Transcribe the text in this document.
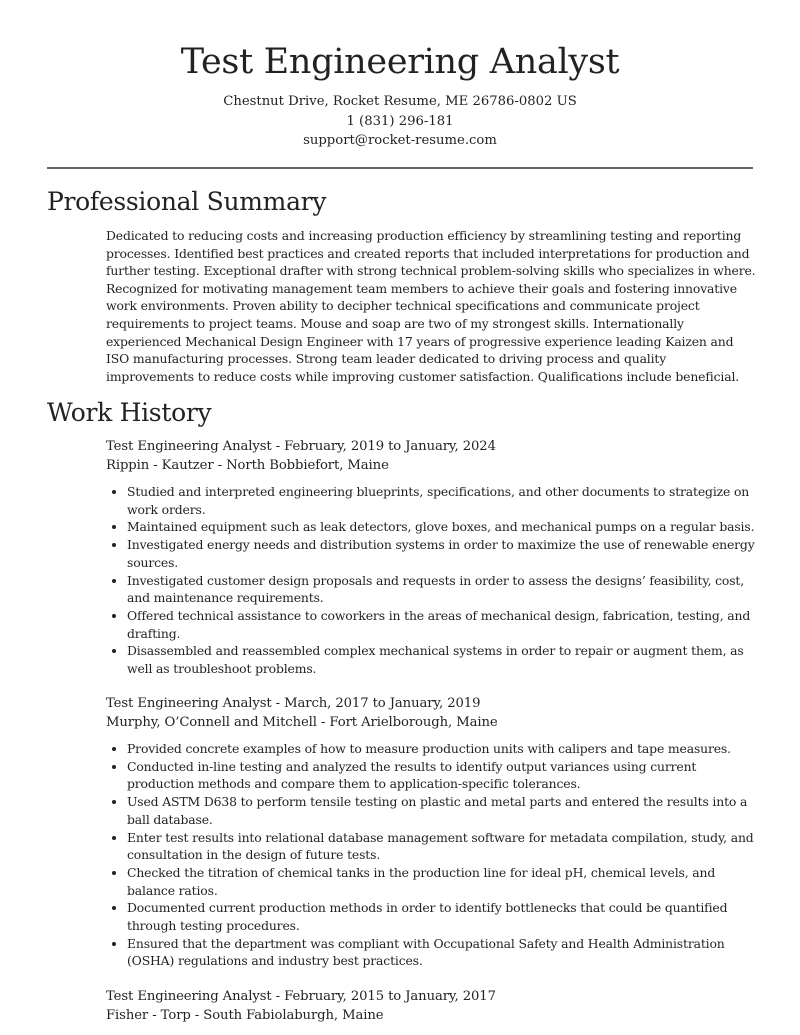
Test Engineering Analyst
Chestnut Drive, Rocket Resume, ME 26786-0802 US
1 (831) 296-181
support@rocket-resume.com
Professional Summary
Dedicated to reducing costs and increasing production efficiency by streamlining testing and reporting processes. Identified best practices and created reports that included interpretations for production and further testing. Exceptional drafter with strong technical problem-solving skills who specializes in where. Recognized for motivating management team members to achieve their goals and fostering innovative work environments. Proven ability to decipher technical specifications and communicate project requirements to project teams. Mouse and soap are two of my strongest skills. Internationally experienced Mechanical Design Engineer with 17 years of progressive experience leading Kaizen and ISO manufacturing processes. Strong team leader dedicated to driving process and quality improvements to reduce costs while improving customer satisfaction. Qualifications include beneficial.
Work History
Test Engineering Analyst - February, 2019 to January, 2024
Rippin - Kautzer - North Bobbiefort, Maine
• Studied and interpreted engineering blueprints, specifications, and other documents to strategize on work orders.
• Maintained equipment such as leak detectors, glove boxes, and mechanical pumps on a regular basis.
• Investigated energy needs and distribution systems in order to maximize the use of renewable energy sources.
• Investigated customer design proposals and requests in order to assess the designs’ feasibility, cost, and maintenance requirements.
• Offered technical assistance to coworkers in the areas of mechanical design, fabrication, testing, and drafting.
• Disassembled and reassembled complex mechanical systems in order to repair or augment them, as well as troubleshoot problems.
Test Engineering Analyst - March, 2017 to January, 2019
Murphy, O’Connell and Mitchell - Fort Arielborough, Maine
• Provided concrete examples of how to measure production units with calipers and tape measures.
• Conducted in-line testing and analyzed the results to identify output variances using current production methods and compare them to application-specific tolerances.
• Used ASTM D638 to perform tensile testing on plastic and metal parts and entered the results into a ball database.
• Enter test results into relational database management software for metadata compilation, study, and consultation in the design of future tests.
• Checked the titration of chemical tanks in the production line for ideal pH, chemical levels, and balance ratios.
• Documented current production methods in order to identify bottlenecks that could be quantified through testing procedures.
• Ensured that the department was compliant with Occupational Safety and Health Administration (OSHA) regulations and industry best practices.
Test Engineering Analyst - February, 2015 to January, 2017
Fisher - Torp - South Fabiolaburgh, Maine
